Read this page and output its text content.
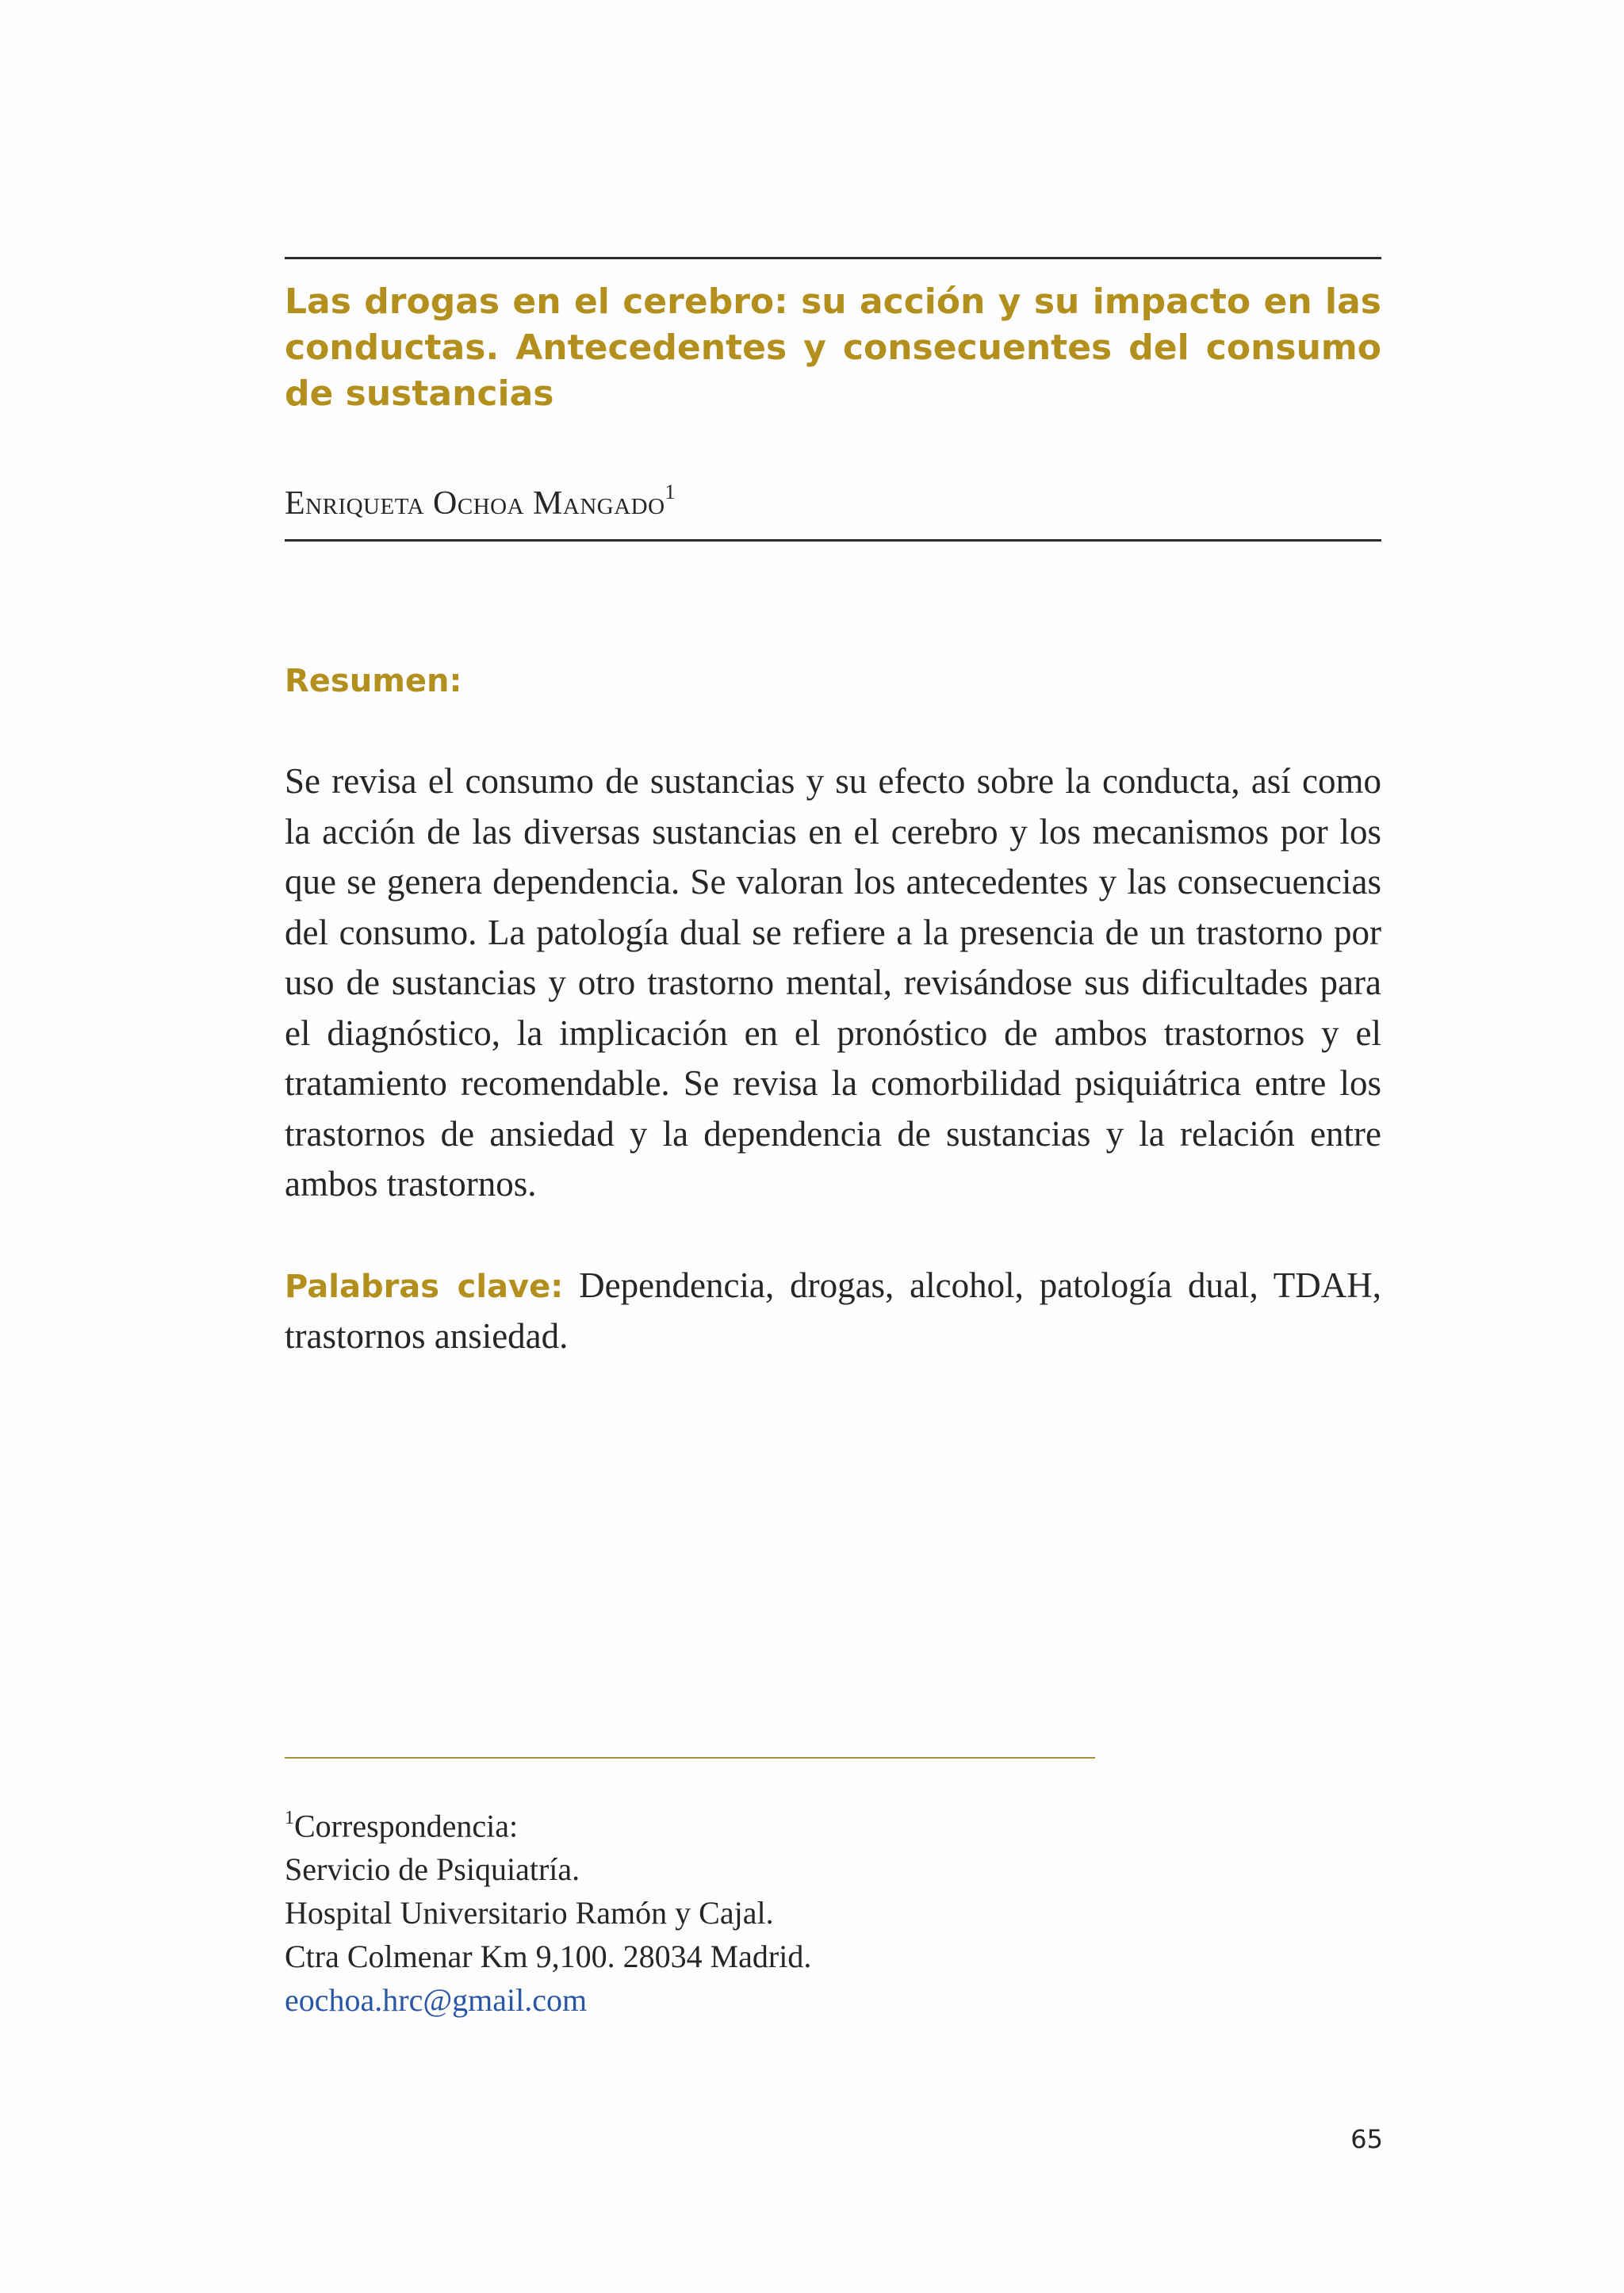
Las drogas en el cerebro: su acción y su impacto en las conductas. Antecedentes y consecuentes del consumo de sustancias
Enriqueta Ochoa Mangado$^1$
Resumen:

Se revisa el consumo de sustancias y su efecto sobre la conducta, así como la acción de las diversas sustancias en el cerebro y los mecanismos por los que se genera dependencia. Se valoran los antecedentes y las consecuencias del consumo. La patología dual se refiere a la presencia de un trastorno por uso de sustancias y otro trastorno mental, revisándose sus dificultades para el diagnóstico, la implicación en el pronóstico de ambos trastornos y el tratamiento recomendable. Se revisa la comorbilidad psiquiátrica entre los trastornos de ansiedad y la dependencia de sustancias y la relación entre ambos trastornos.

Palabras clave: Dependencia, drogas, alcohol, patología dual, TDAH, trastornos ansiedad.

$^1$Correspondencia:
Servicio de Psiquiatría.
Hospital Universitario Ramón y Cajal.
Ctra Colmenar Km 9,100. 28034 Madrid.
eochoa.hrc@gmail.com
65
